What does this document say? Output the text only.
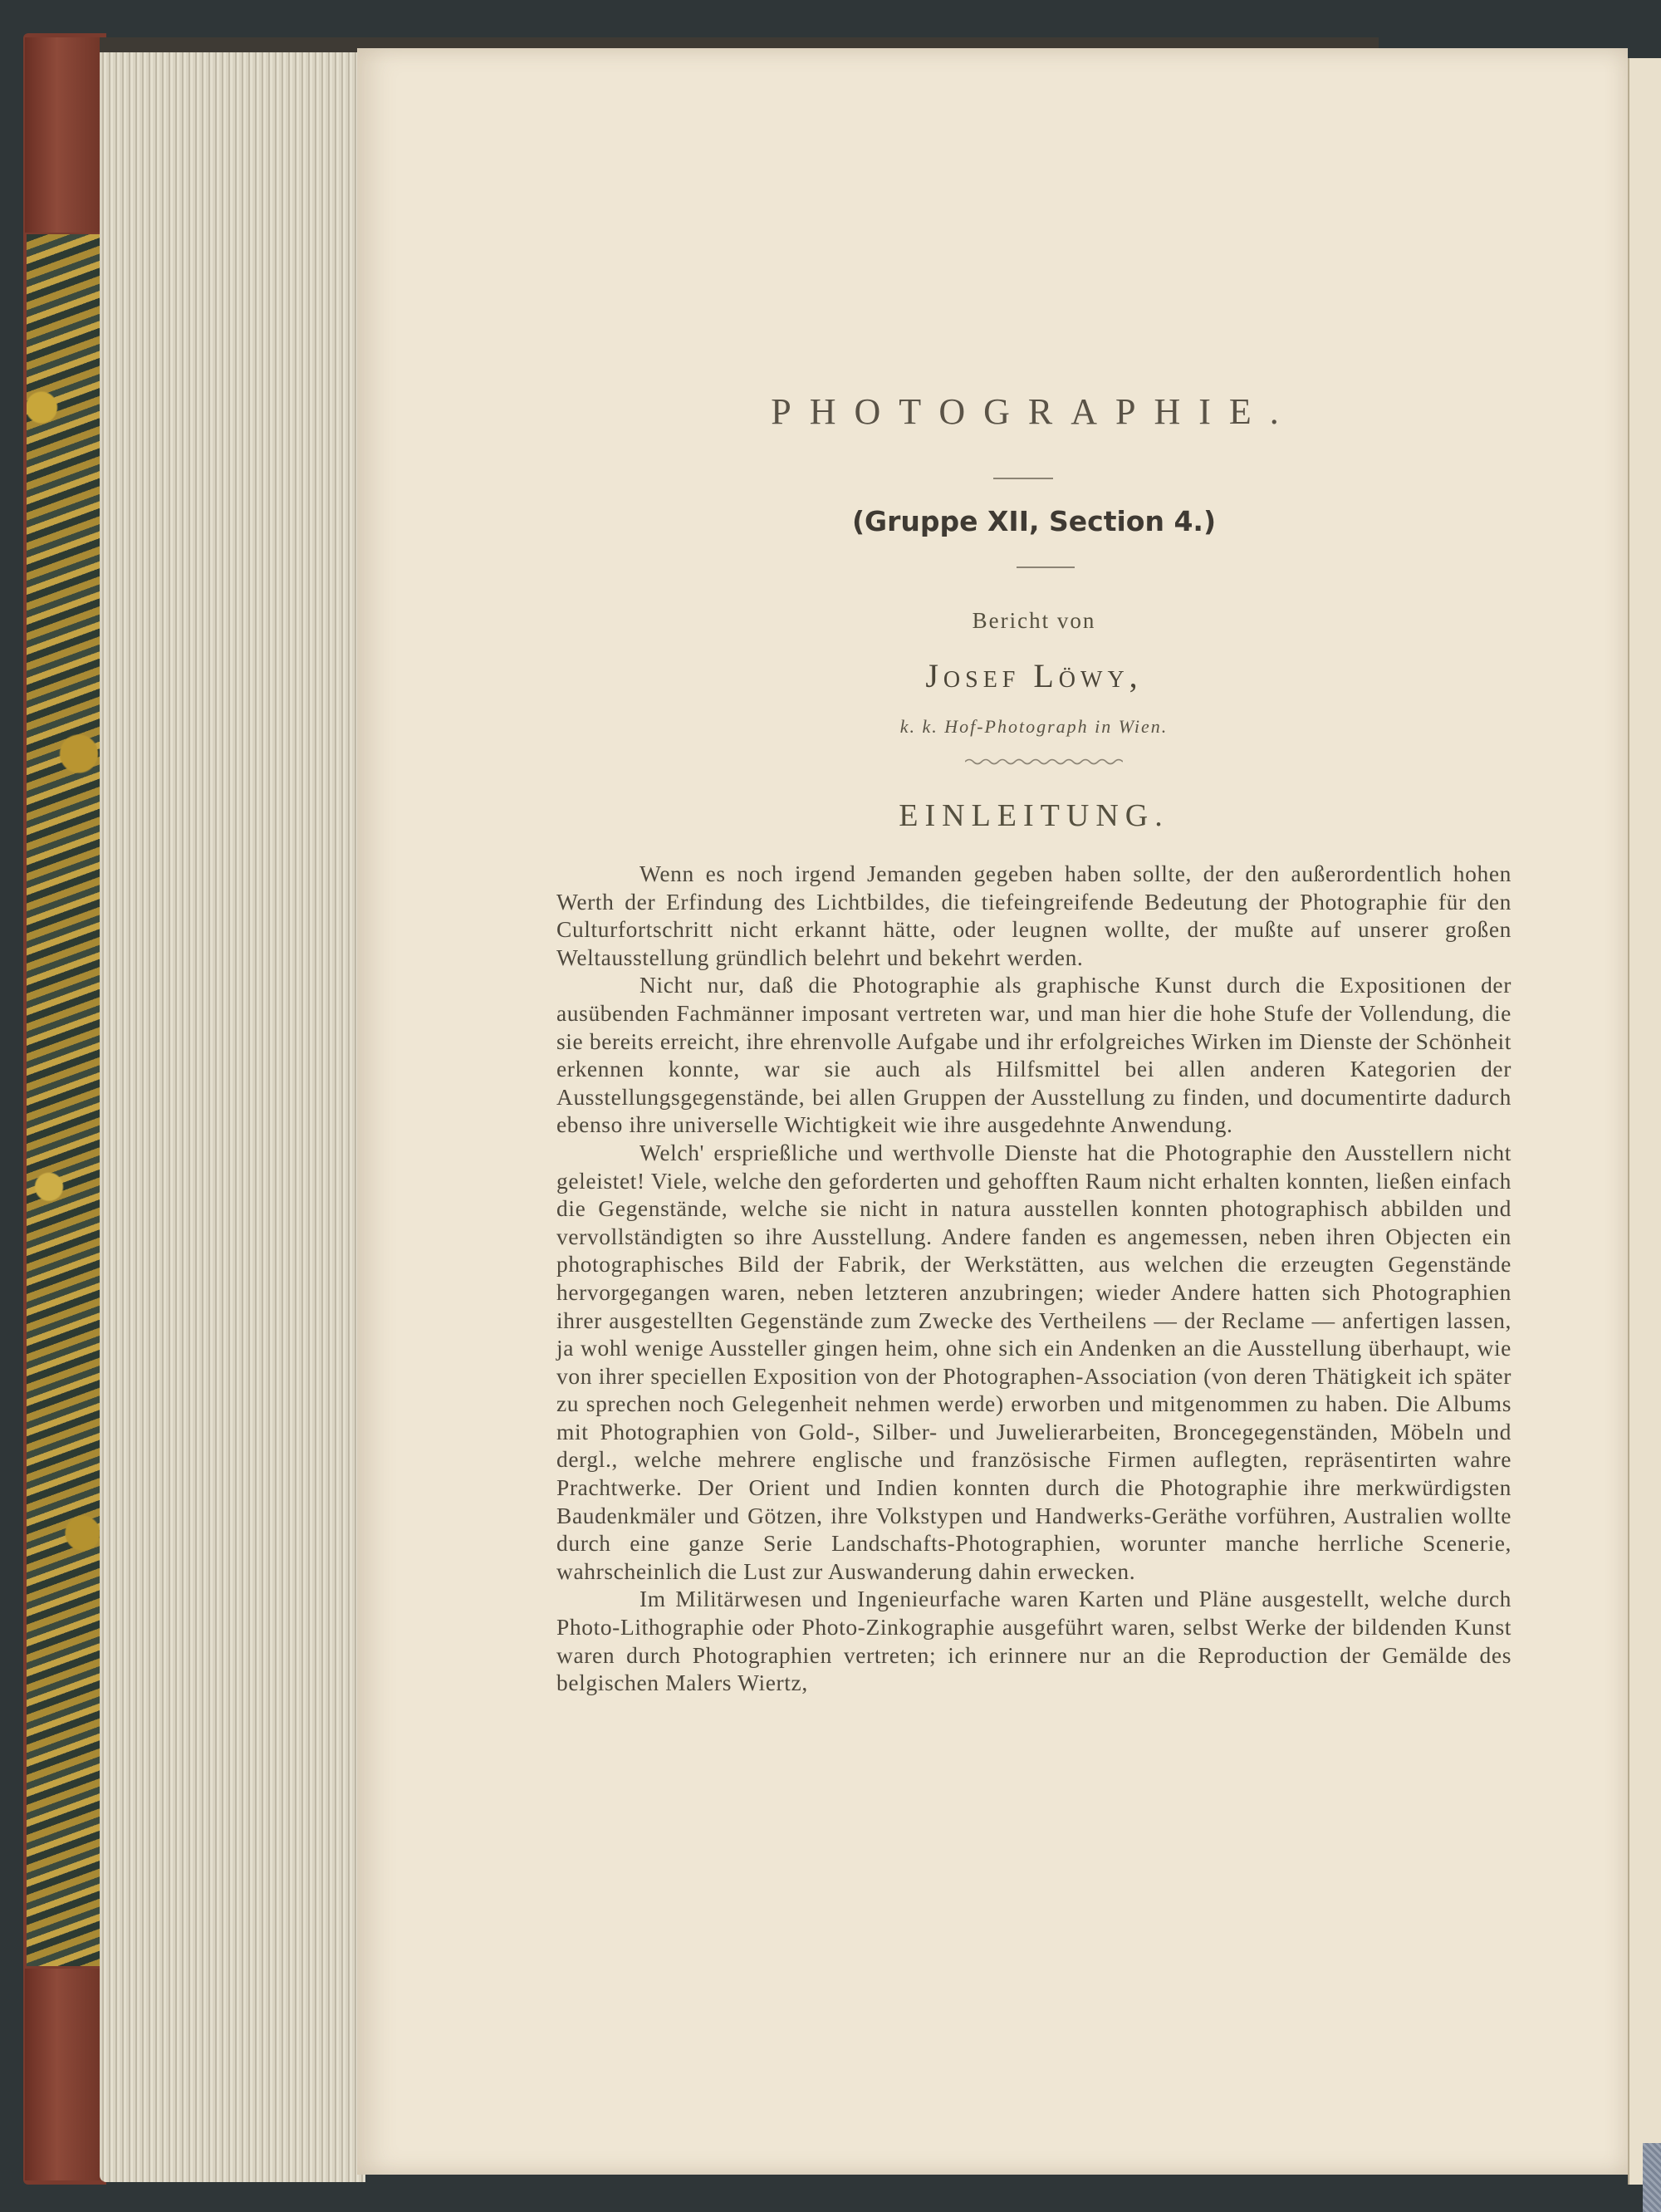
PHOTOGRAPHIE.
(Gruppe XII, Section 4.)
Bericht von
Josef Löwy,
k. k. Hof-Photograph in Wien.
EINLEITUNG.

Wenn es noch irgend Jemanden gegeben haben sollte, der den außerordentlich hohen Werth der Erfindung des Lichtbildes, die tiefeingreifende Bedeutung der Photographie für den Culturfortschritt nicht erkannt hätte, oder leugnen wollte, der mußte auf unserer großen Weltausstellung gründlich belehrt und bekehrt werden.

Nicht nur, daß die Photographie als graphische Kunst durch die Expositionen der ausübenden Fachmänner imposant vertreten war, und man hier die hohe Stufe der Vollendung, die sie bereits erreicht, ihre ehrenvolle Aufgabe und ihr erfolgreiches Wirken im Dienste der Schönheit erkennen konnte, war sie auch als Hilfsmittel bei allen anderen Kategorien der Ausstellungsgegenstände, bei allen Gruppen der Ausstellung zu finden, und documentirte dadurch ebenso ihre universelle Wichtigkeit wie ihre ausgedehnte Anwendung.

Welch' ersprießliche und werthvolle Dienste hat die Photographie den Ausstellern nicht geleistet! Viele, welche den geforderten und gehofften Raum nicht erhalten konnten, ließen einfach die Gegenstände, welche sie nicht in natura ausstellen konnten photographisch abbilden und vervollständigten so ihre Ausstellung. Andere fanden es angemessen, neben ihren Objecten ein photographisches Bild der Fabrik, der Werkstätten, aus welchen die erzeugten Gegenstände hervorgegangen waren, neben letzteren anzubringen; wieder Andere hatten sich Photographien ihrer ausgestellten Gegenstände zum Zwecke des Vertheilens — der Reclame — anfertigen lassen, ja wohl wenige Aussteller gingen heim, ohne sich ein Andenken an die Ausstellung überhaupt, wie von ihrer speciellen Exposition von der Photographen-Association (von deren Thätigkeit ich später zu sprechen noch Gelegenheit nehmen werde) erworben und mitgenommen zu haben. Die Albums mit Photographien von Gold-, Silber- und Juwelierarbeiten, Broncegegenständen, Möbeln und dergl., welche mehrere englische und französische Firmen auflegten, repräsentirten wahre Prachtwerke. Der Orient und Indien konnten durch die Photographie ihre merkwürdigsten Baudenkmäler und Götzen, ihre Volkstypen und Handwerks-Geräthe vorführen, Australien wollte durch eine ganze Serie Landschafts-Photographien, worunter manche herrliche Scenerie, wahrscheinlich die Lust zur Auswanderung dahin erwecken.

Im Militärwesen und Ingenieurfache waren Karten und Pläne ausgestellt, welche durch Photo-Lithographie oder Photo-Zinkographie ausgeführt waren, selbst Werke der bildenden Kunst waren durch Photographien vertreten; ich erinnere nur an die Reproduction der Gemälde des belgischen Malers Wiertz,
